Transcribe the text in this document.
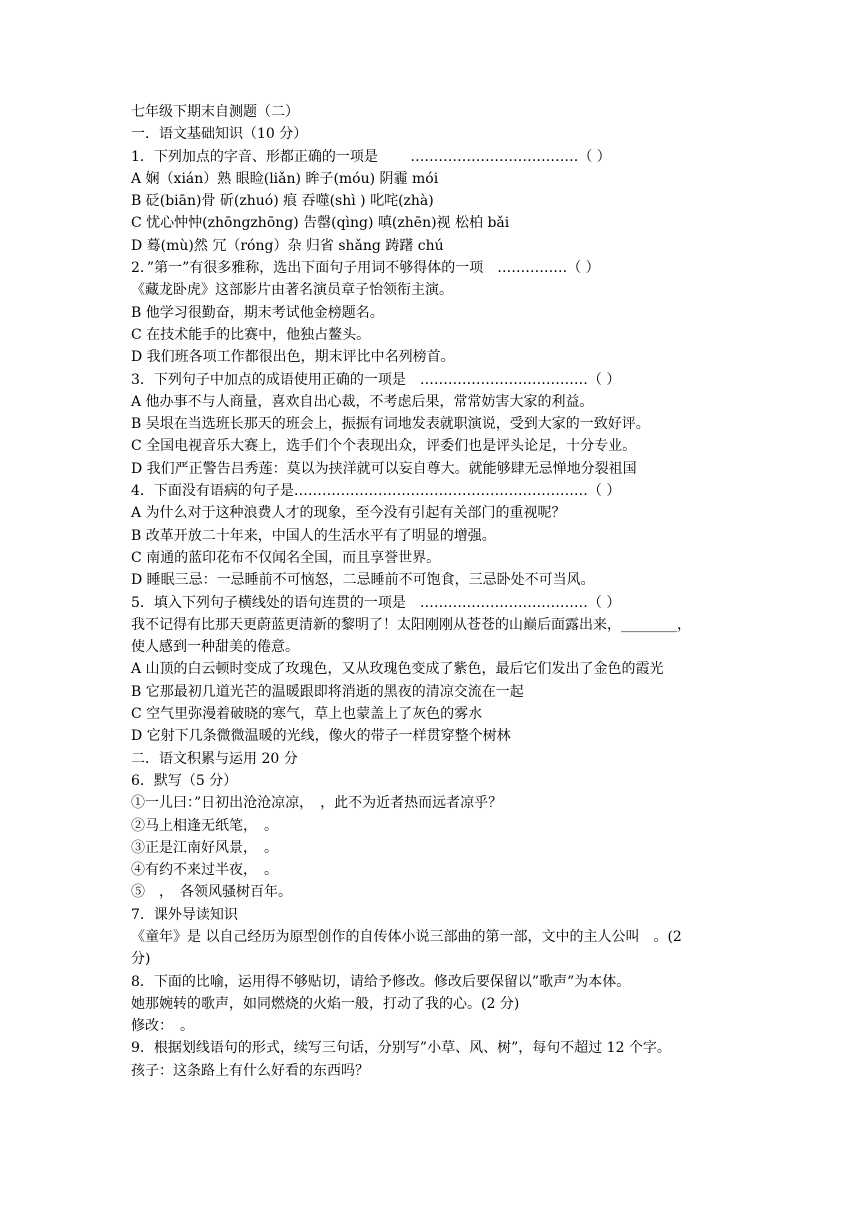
七年级下期末自测题（二）
一．语文基础知识（10 分）
1．下列加点的字音、形都正确的一项是　　 ………………………………（ ）
A 娴（xián）熟 眼睑(liǎn) 眸子(móu) 阴霾 mói
B 砭(biān)骨 斫(zhuó) 痕 吞噬(shì ) 叱咤(zhà)
C 忧心忡忡(zhōngzhōng) 告罄(qìng) 嗔(zhēn)视 松柏 bǎi
D 蓦(mù)然 冗（róng）杂 归省 shǎng 踌躇 chú
2．”第一”有很多雅称，选出下面句子用词不够得体的一项　……………（ ）
《藏龙卧虎》这部影片由著名演员章子怡领衔主演。
B 他学习很勤奋，期末考试他金榜题名。
C 在技术能手的比赛中，他独占鳌头。
D 我们班各项工作都很出色，期末评比中名列榜首。
3．下列句子中加点的成语使用正确的一项是　………………………………（ ）
A 他办事不与人商量，喜欢自出心裁，不考虑后果，常常妨害大家的利益。
B 吴垠在当选班长那天的班会上，振振有词地发表就职演说，受到大家的一致好评。
C 全国电视音乐大赛上，选手们个个表现出众，评委们也是评头论足，十分专业。
D 我们严正警告吕秀莲：莫以为挟洋就可以妄自尊大。就能够肆无忌惮地分裂祖国
4．下面没有语病的句子是………………………………………………………（ ）
A 为什么对于这种浪费人才的现象，至今没有引起有关部门的重视呢？
B 改革开放二十年来，中国人的生活水平有了明显的增强。
C 南通的蓝印花布不仅闻名全国，而且享誉世界。
D 睡眠三忌：一忌睡前不可恼怒，二忌睡前不可饱食，三忌卧处不可当风。
5．填入下列句子横线处的语句连贯的一项是　………………………………（ ）
我不记得有比那天更蔚蓝更清新的黎明了！太阳刚刚从苍苍的山巅后面露出来，________，
使人感到一种甜美的倦意。
A 山顶的白云顿时变成了玫瑰色，又从玫瑰色变成了紫色，最后它们发出了金色的霞光
B 它那最初几道光芒的温暖跟即将消逝的黑夜的清凉交流在一起
C 空气里弥漫着破晓的寒气，草上也蒙盖上了灰色的雾水
D 它射下几条微微温暖的光线，像火的带子一样贯穿整个树林
二．语文积累与运用 20 分
6．默写（5 分）
①一儿曰：”日初出沧沧凉凉，　，此不为近者热而远者凉乎？
②马上相逢无纸笔，　。
③正是江南好风景，　。
④有约不来过半夜，　。
⑤　，　各领风骚树百年。
7．课外导读知识
《童年》是 以自己经历为原型创作的自传体小说三部曲的第一部，文中的主人公叫　。(2
分)
8．下面的比喻，运用得不够贴切，请给予修改。修改后要保留以”歌声”为本体。
她那婉转的歌声，如同燃烧的火焰一般，打动了我的心。(2 分)
修改：　。
9．根据划线语句的形式，续写三句话，分别写”小草、风、树”，每句不超过 12 个字。
孩子：这条路上有什么好看的东西吗？
